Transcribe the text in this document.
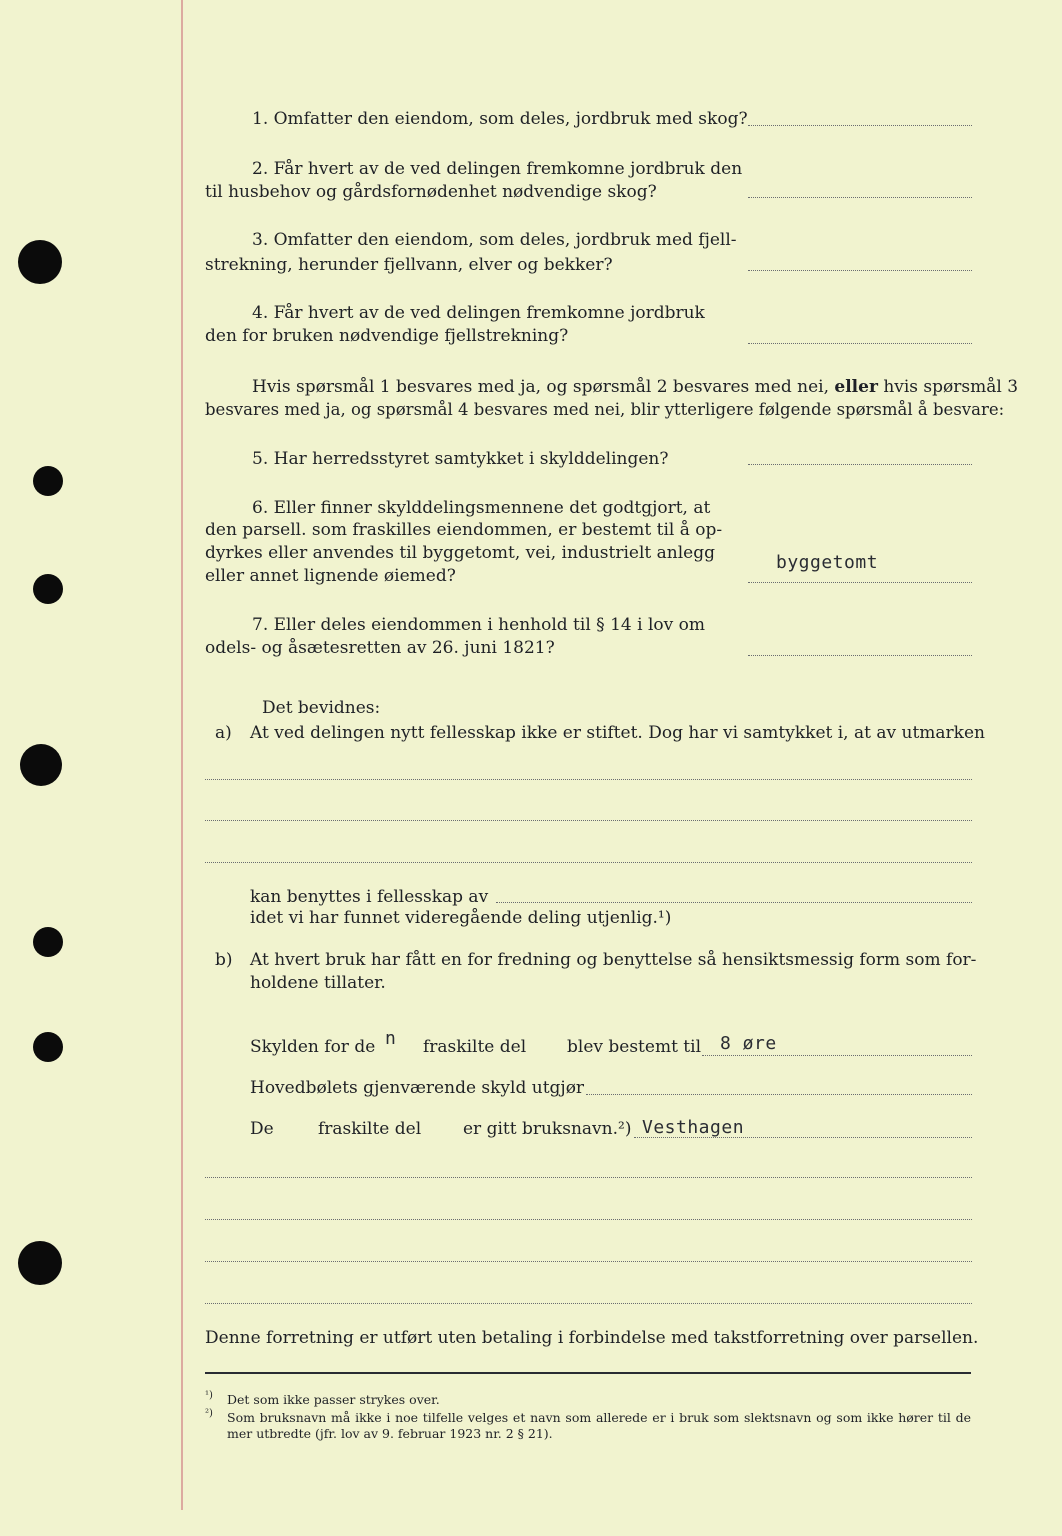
1. Omfatter den eiendom, som deles, jordbruk med skog?
2. Får hvert av de ved delingen fremkomne jordbruk den
til husbehov og gårdsfornødenhet nødvendige skog?
3. Omfatter den eiendom, som deles, jordbruk med fjell-
strekning, herunder fjellvann, elver og bekker?
4. Får hvert av de ved delingen fremkomne jordbruk
den for bruken nødvendige fjellstrekning?
Hvis spørsmål 1 besvares med ja, og spørsmål 2 besvares med nei, eller hvis spørsmål 3
besvares med ja, og spørsmål 4 besvares med nei, blir ytterligere følgende spørsmål å besvare:
5. Har herredsstyret samtykket i skylddelingen?
6. Eller finner skylddelingsmennene det godtgjort, at
den parsell. som fraskilles eiendommen, er bestemt til å op-
dyrkes eller anvendes til byggetomt, vei, industrielt anlegg
eller annet lignende øiemed?
byggetomt
7. Eller deles eiendommen i henhold til § 14 i lov om
odels- og åsætesretten av 26. juni 1821?
Det bevidnes:
a) At ved delingen nytt fellesskap ikke er stiftet. Dog har vi samtykket i, at av utmarken
kan benyttes i fellesskap av
idet vi har funnet videregående deling utjenlig.¹)
b) At hvert bruk har fått en for fredning og benyttelse så hensiktsmessig form som for-
holdene tillater.
Skylden for de n fraskilte del blev bestemt til 8 øre
Hovedbølets gjenværende skyld utgjør
De	fraskilte del er gitt bruksnavn.²) Vesthagen
Denne forretning er utført uten betaling i forbindelse med takstforretning over parsellen.
¹) Det som ikke passer strykes over.
²) Som bruksnavn må ikke i noe tilfelle velges et navn som allerede er i bruk som slektsnavn og som ikke hører til de mer utbredte (jfr. lov av 9. februar 1923 nr. 2 § 21).
